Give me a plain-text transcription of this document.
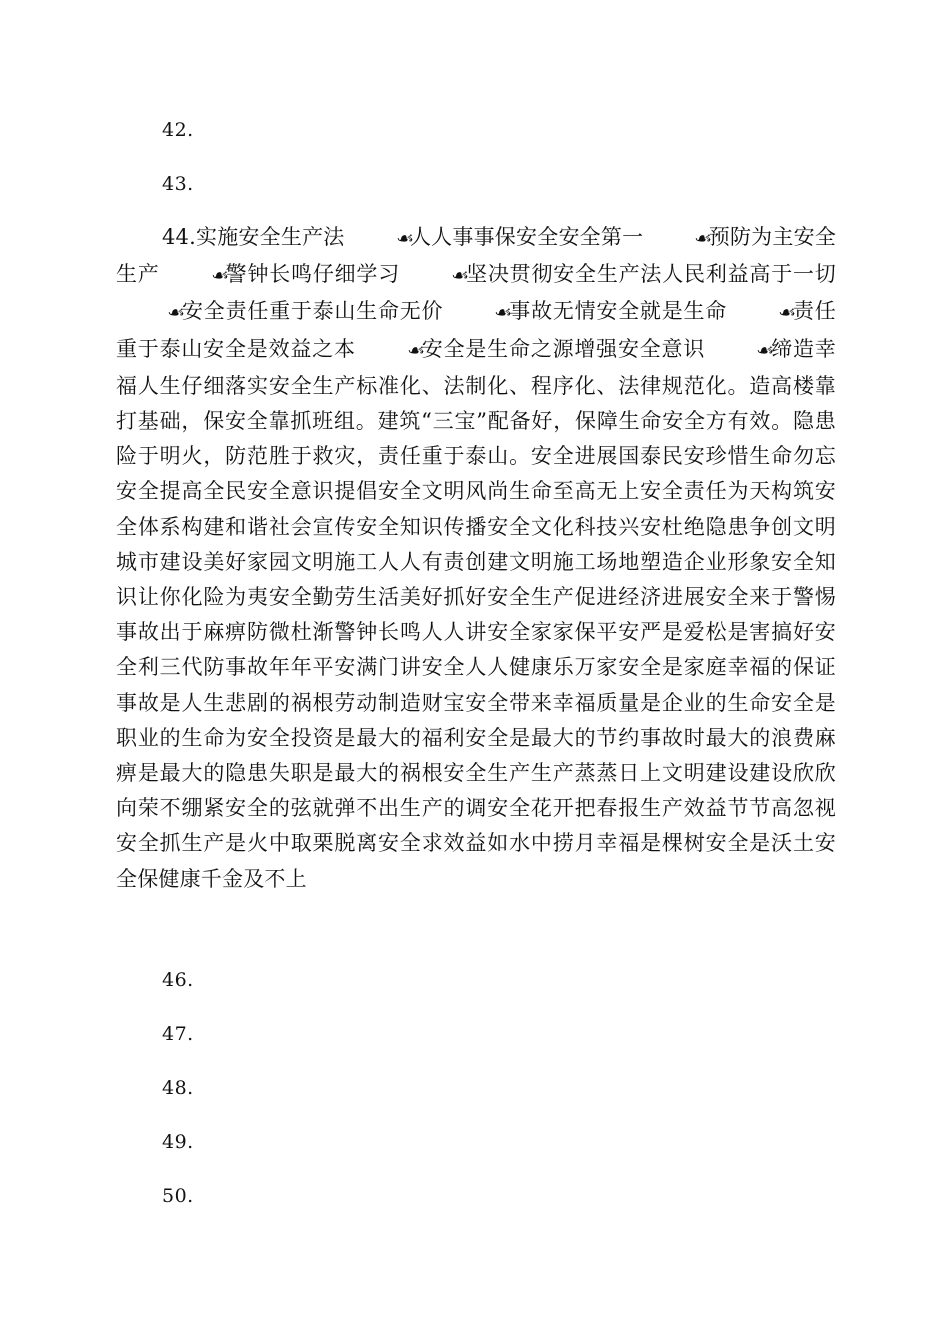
42.
43.
44.实施安全生产法	☙人人事事保安全安全第一	☙预防为主安全生产	☙警钟长鸣仔细学习	☙坚决贯彻安全生产法人民利益高于一切☙安全责任重于泰山生命无价	☙事故无情安全就是生命	☙责任重于泰山安全是效益之本	☙安全是生命之源增强安全意识	☙缔造幸福人生仔细落实安全生产标准化、法制化、程序化、法律规范化。造高楼靠打基础，保安全靠抓班组。建筑“三宝”配备好，保障生命安全方有效。隐患险于明火，防范胜于救灾，责任重于泰山。安全进展国泰民安珍惜生命勿忘安全提高全民安全意识提倡安全文明风尚生命至高无上安全责任为天构筑安全体系构建和谐社会宣传安全知识传播安全文化科技兴安杜绝隐患争创文明城市建设美好家园文明施工人人有责创建文明施工场地塑造企业形象安全知识让你化险为夷安全勤劳生活美好抓好安全生产促进经济进展安全来于警惕事故出于麻痹防微杜渐警钟长鸣人人讲安全家家保平安严是爱松是害搞好安全利三代防事故年年平安满门讲安全人人健康乐万家安全是家庭幸福的保证事故是人生悲剧的祸根劳动制造财宝安全带来幸福质量是企业的生命安全是职业的生命为安全投资是最大的福利安全是最大的节约事故时最大的浪费麻痹是最大的隐患失职是最大的祸根安全生产生产蒸蒸日上文明建设建设欣欣向荣不绷紧安全的弦就弹不出生产的调安全花开把春报生产效益节节高忽视安全抓生产是火中取栗脱离安全求效益如水中捞月幸福是棵树安全是沃土安全保健康千金及不上
46.
47.
48.
49.
50.
